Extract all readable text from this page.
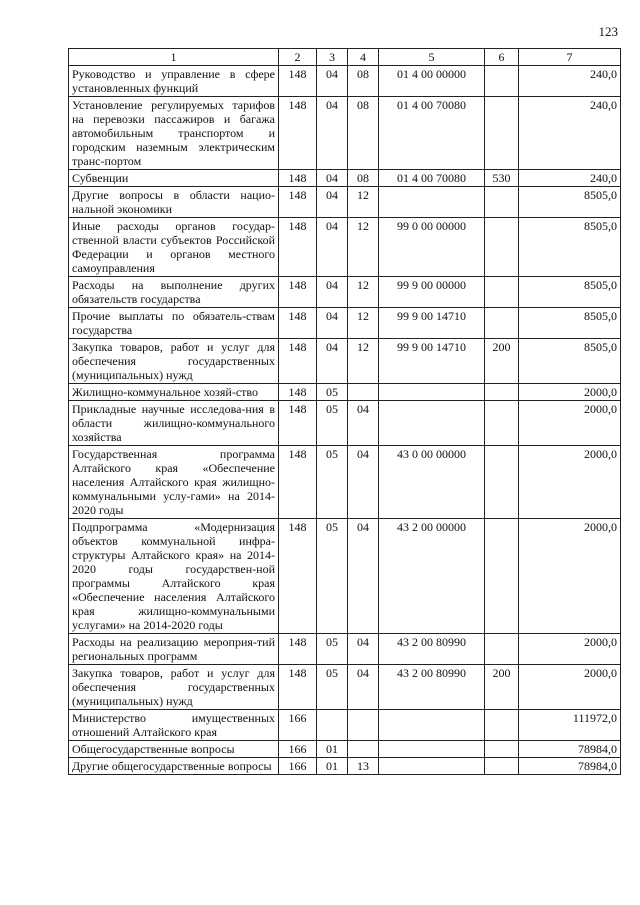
123
1	2	3	4	5	6	7
Руководство и управление в сфере установленных функций	148	04	08	01 4 00 00000		240,0
Установление регулируемых тарифов на перевозки пассажиров и багажа автомобильным транспортом и городским наземным электрическим транс-портом	148	04	08	01 4 00 70080		240,0
Субвенции	148	04	08	01 4 00 70080	530	240,0
Другие вопросы в области нацио-нальной экономики	148	04	12			8505,0
Иные расходы органов государ-ственной власти субъектов Российской Федерации и органов местного самоуправления	148	04	12	99 0 00 00000		8505,0
Расходы на выполнение других обязательств государства	148	04	12	99 9 00 00000		8505,0
Прочие выплаты по обязатель-ствам государства	148	04	12	99 9 00 14710		8505,0
Закупка товаров, работ и услуг для обеспечения государственных (муниципальных) нужд	148	04	12	99 9 00 14710	200	8505,0
Жилищно-коммунальное хозяй-ство	148	05				2000,0
Прикладные научные исследова-ния в области жилищно-коммунального хозяйства	148	05	04			2000,0
Государственная программа Алтайского края «Обеспечение населения Алтайского края жилищно-коммунальными услу-гами» на 2014-2020 годы	148	05	04	43 0 00 00000		2000,0
Подпрограмма «Модернизация объектов коммунальной инфра-структуры Алтайского края» на 2014-2020 годы государствен-ной программы Алтайского края «Обеспечение населения Алтайского края жилищно-коммунальными услугами» на 2014-2020 годы	148	05	04	43 2 00 00000		2000,0
Расходы на реализацию мероприя-тий региональных программ	148	05	04	43 2 00 80990		2000,0
Закупка товаров, работ и услуг для обеспечения государственных (муниципальных) нужд	148	05	04	43 2 00 80990	200	2000,0
Министерство имущественных отношений Алтайского края	166					111972,0
Общегосударственные вопросы	166	01				78984,0
Другие общегосударственные вопросы	166	01	13			78984,0
